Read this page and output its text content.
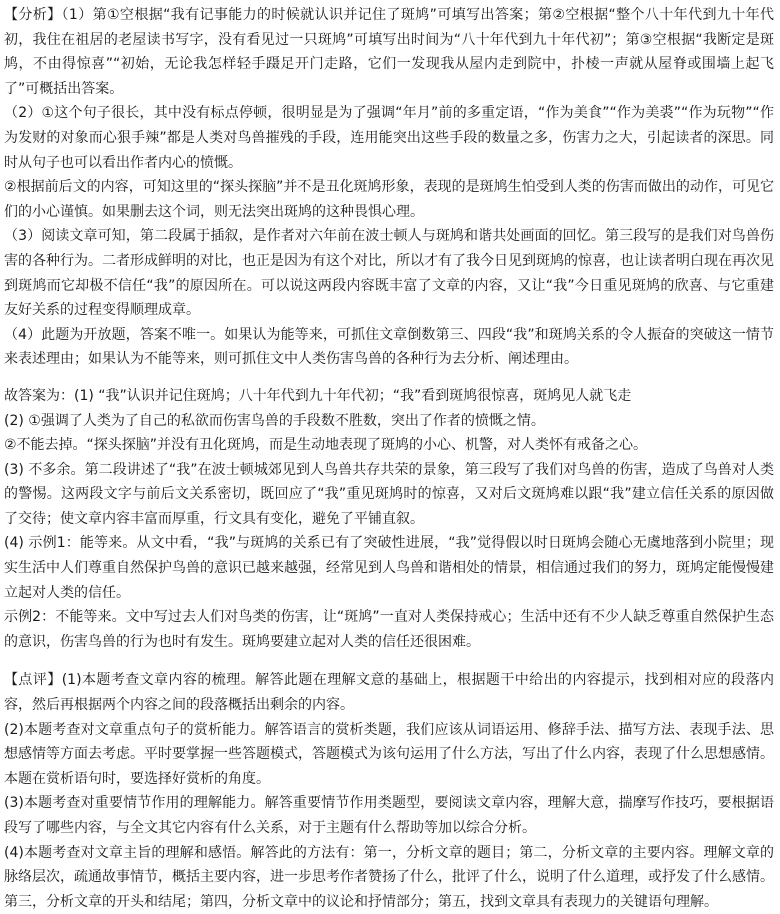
【分析】（1）第①空根据“我有记事能力的时候就认识并记住了斑鸠”可填写出答案；第②空根据“整个八十年代到九十年代初，我住在祖居的老屋读书写字，没有看见过一只斑鸠”可填写出时间为“八十年代到九十年代初”；第③空根据“我断定是斑鸠，不由得惊喜”“初始，无论我怎样轻手蹑足开门走路，它们一发现我从屋内走到院中，扑棱一声就从屋脊或围墙上起飞了”可概括出答案。

（2）①这个句子很长，其中没有标点停顿，很明显是为了强调“年月”前的多重定语，“作为美食”“作为美裘”“作为玩物”“作为发财的对象而心狠手辣”都是人类对鸟兽摧残的手段，连用能突出这些手段的数量之多，伤害力之大，引起读者的深思。同时从句子也可以看出作者内心的愤慨。

②根据前后文的内容，可知这里的“探头探脑”并不是丑化斑鸠形象，表现的是斑鸠生怕受到人类的伤害而做出的动作，可见它们的小心谨慎。如果删去这个词，则无法突出斑鸠的这种畏惧心理。

（3）阅读文章可知，第二段属于插叙，是作者对六年前在波士顿人与斑鸠和谐共处画面的回忆。第三段写的是我们对鸟兽伤害的各种行为。二者形成鲜明的对比，也正是因为有这个对比，所以才有了我今日见到斑鸠的惊喜，也让读者明白现在再次见到斑鸠而它却极不信任“我”的原因所在。可以说这两段内容既丰富了文章的内容，又让“我”今日重见斑鸠的欣喜、与它重建友好关系的过程变得顺理成章。

（4）此题为开放题，答案不唯一。如果认为能等来，可抓住文章倒数第三、四段“我”和斑鸠关系的令人振奋的突破这一情节来表述理由；如果认为不能等来，则可抓住文中人类伤害鸟兽的各种行为去分析、阐述理由。

故答案为：(1) “我”认识并记住斑鸠；八十年代到九十年代初；“我”看到斑鸠很惊喜，斑鸠见人就飞走

(2) ①强调了人类为了自己的私欲而伤害鸟兽的手段数不胜数，突出了作者的愤慨之情。

②不能去掉。“探头探脑”并没有丑化斑鸠，而是生动地表现了斑鸠的小心、机警，对人类怀有戒备之心。

(3) 不多余。第二段讲述了“我”在波士顿城郊见到人鸟兽共存共荣的景象，第三段写了我们对鸟兽的伤害，造成了鸟兽对人类的警惕。这两段文字与前后文关系密切，既回应了“我”重见斑鸠时的惊喜，又对后文斑鸠难以跟“我”建立信任关系的原因做了交待；使文章内容丰富而厚重，行文具有变化，避免了平铺直叙。

(4) 示例1：能等来。从文中看，“我”与斑鸠的关系已有了突破性进展，“我”觉得假以时日斑鸠会随心无虞地落到小院里；现实生活中人们尊重自然保护鸟兽的意识已越来越强，经常见到人鸟兽和谐相处的情景，相信通过我们的努力，斑鸠定能慢慢建立起对人类的信任。

示例2：不能等来。文中写过去人们对鸟类的伤害，让“斑鸠”一直对人类保持戒心；生活中还有不少人缺乏尊重自然保护生态的意识，伤害鸟兽的行为也时有发生。斑鸠要建立起对人类的信任还很困难。

【点评】(1)本题考查文章内容的梳理。解答此题在理解文意的基础上，根据题干中给出的内容提示，找到相对应的段落内容，然后再根据两个内容之间的段落概括出剩余的内容。

(2)本题考查对文章重点句子的赏析能力。解答语言的赏析类题，我们应该从词语运用、修辞手法、描写方法、表现手法、思想感情等方面去考虑。平时要掌握一些答题模式，答题模式为该句运用了什么方法，写出了什么内容，表现了什么思想感情。本题在赏析语句时，要选择好赏析的角度。

(3)本题考查对重要情节作用的理解能力。解答重要情节作用类题型，要阅读文章内容，理解大意，揣摩写作技巧，要根据语段写了哪些内容，与全文其它内容有什么关系，对于主题有什么帮助等加以综合分析。

(4)本题考查对文章主旨的理解和感悟。解答此的方法有：第一，分析文章的题目；第二，分析文章的主要内容。理解文章的脉络层次，疏通故事情节，概括主要内容，进一步思考作者赞扬了什么，批评了什么，说明了什么道理，或抒发了什么感情。第三，分析文章的开头和结尾；第四，分析文章中的议论和抒情部分；第五，找到文章具有表现力的关键语句理解。
